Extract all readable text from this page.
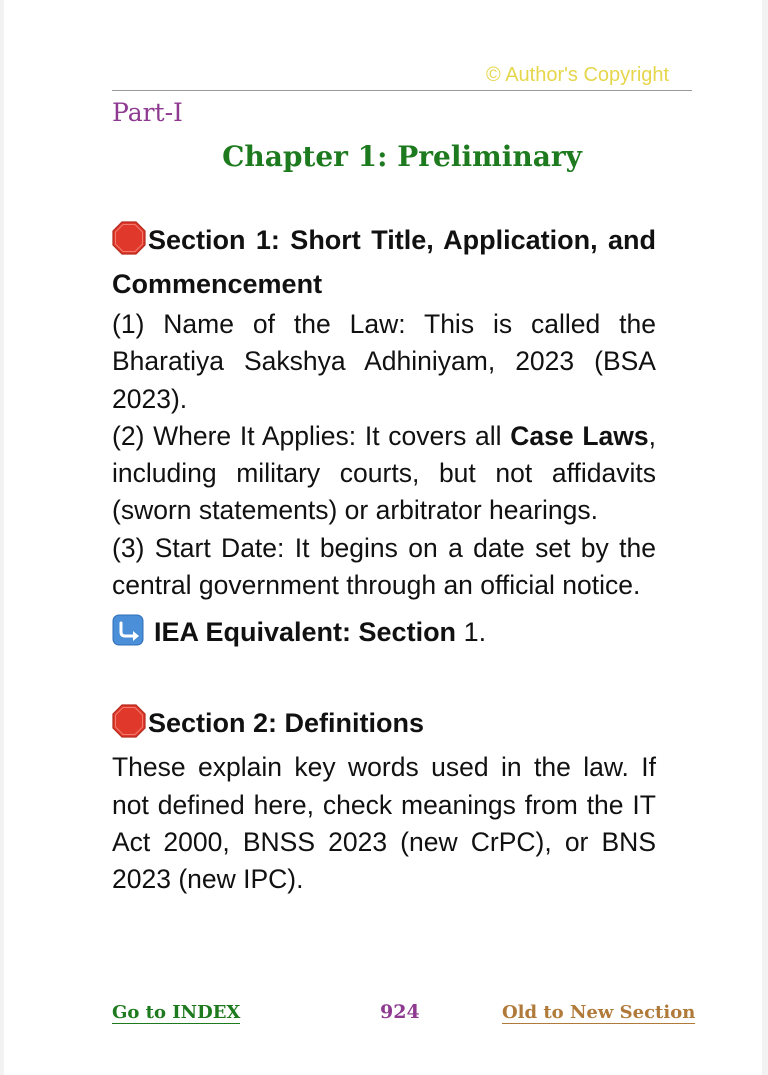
© Author's Copyright
Part-I
Chapter 1: Preliminary

Section 1: Short Title, Application, and Commencement

(1) Name of the Law: This is called the Bharatiya Sakshya Adhiniyam, 2023 (BSA 2023).

(2) Where It Applies: It covers all Case Laws, including military courts, but not affidavits (sworn statements) or arbitrator hearings.

(3) Start Date: It begins on a date set by the central government through an official notice.

IEA Equivalent: Section 1.

Section 2: Definitions

These explain key words used in the law. If not defined here, check meanings from the IT Act 2000, BNSS 2023 (new CrPC), or BNS 2023 (new IPC).

Go to INDEX	924	Old to New Section
